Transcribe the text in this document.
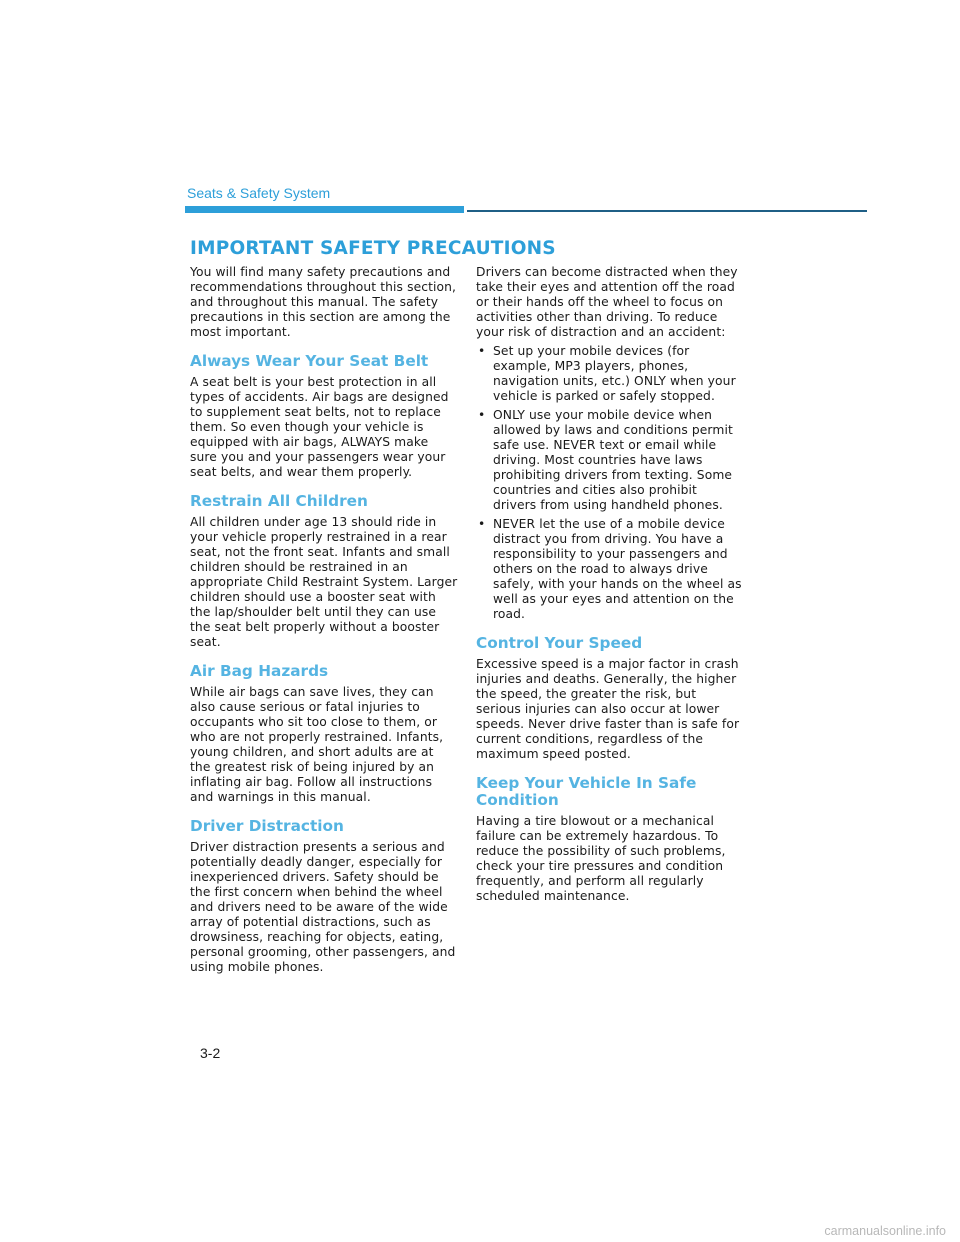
Seats & Safety System
IMPORTANT SAFETY PRECAUTIONS

You will find many safety precautions and recommendations throughout this section, and throughout this manual. The safety precautions in this section are among the most important.

Always Wear Your Seat Belt

A seat belt is your best protection in all types of accidents. Air bags are designed to supplement seat belts, not to replace them. So even though your vehicle is equipped with air bags, ALWAYS make sure you and your passengers wear your seat belts, and wear them properly.

Restrain All Children

All children under age 13 should ride in your vehicle properly restrained in a rear seat, not the front seat. Infants and small children should be restrained in an appropriate Child Restraint System. Larger children should use a booster seat with the lap/shoulder belt until they can use the seat belt properly without a booster seat.

Air Bag Hazards

While air bags can save lives, they can also cause serious or fatal injuries to occupants who sit too close to them, or who are not properly restrained. Infants, young children, and short adults are at the greatest risk of being injured by an inflating air bag. Follow all instructions and warnings in this manual.

Driver Distraction

Driver distraction presents a serious and potentially deadly danger, especially for inexperienced drivers. Safety should be the first concern when behind the wheel and drivers need to be aware of the wide array of potential distractions, such as drowsiness, reaching for objects, eating, personal grooming, other passengers, and using mobile phones.

Drivers can become distracted when they take their eyes and attention off the road or their hands off the wheel to focus on activities other than driving. To reduce your risk of distraction and an accident:

• Set up your mobile devices (for example, MP3 players, phones, navigation units, etc.) ONLY when your vehicle is parked or safely stopped.
• ONLY use your mobile device when allowed by laws and conditions permit safe use. NEVER text or email while driving. Most countries have laws prohibiting drivers from texting. Some countries and cities also prohibit drivers from using handheld phones.
• NEVER let the use of a mobile device distract you from driving. You have a responsibility to your passengers and others on the road to always drive safely, with your hands on the wheel as well as your eyes and attention on the road.
Control Your Speed

Excessive speed is a major factor in crash injuries and deaths. Generally, the higher the speed, the greater the risk, but serious injuries can also occur at lower speeds. Never drive faster than is safe for current conditions, regardless of the maximum speed posted.

Keep Your Vehicle In Safe Condition

Having a tire blowout or a mechanical failure can be extremely hazardous. To reduce the possibility of such problems, check your tire pressures and condition frequently, and perform all regularly scheduled maintenance.

3-2
carmanualsonline.info
